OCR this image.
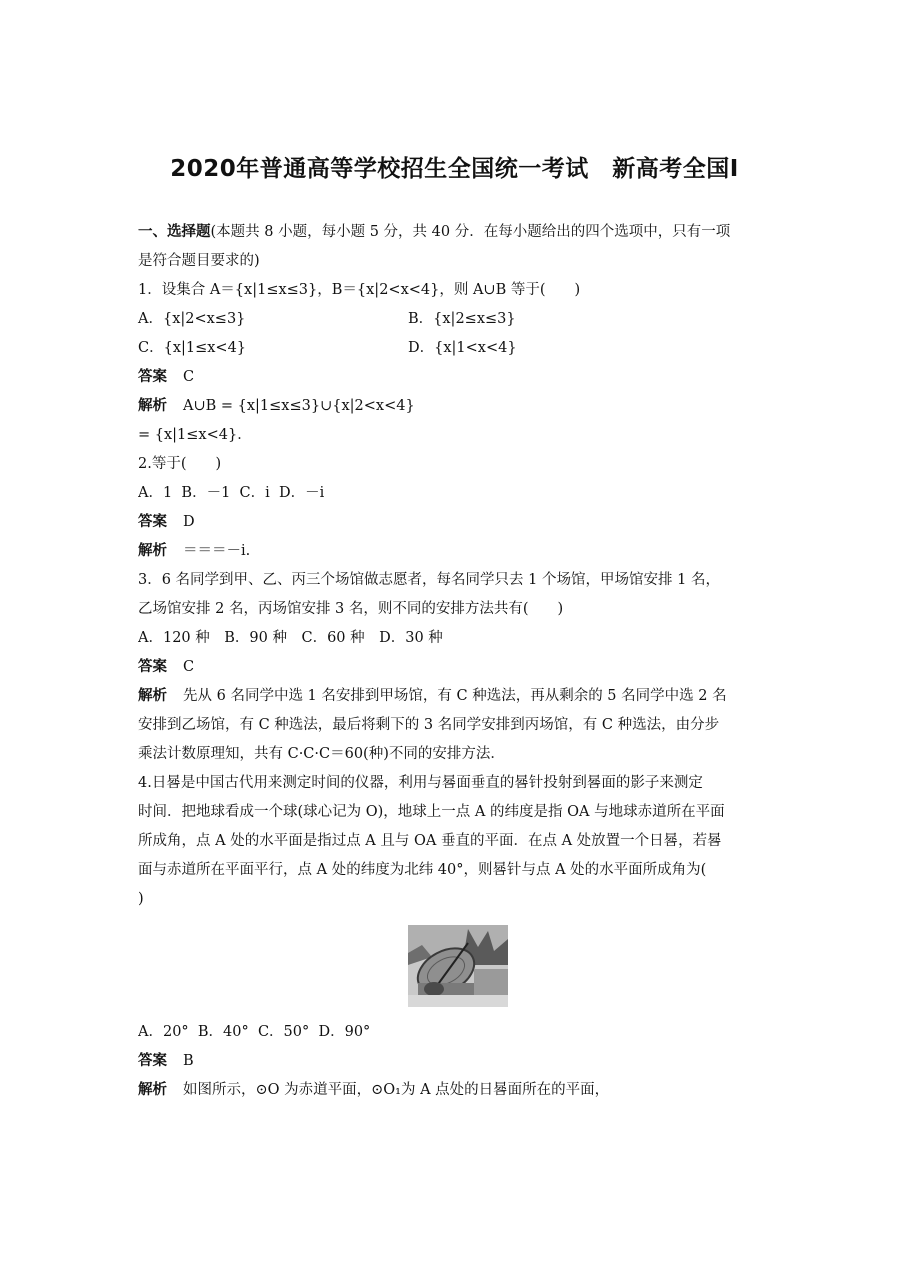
2020年普通高等学校招生全国统一考试　新高考全国Ⅰ
一、选择题(本题共 8 小题，每小题 5 分，共 40 分．在每小题给出的四个选项中，只有一项
是符合题目要求的)
1．设集合 A＝{x|1≤x≤3}，B＝{x|2<x<4}，则 A∪B 等于(　　)
A．{x|2<x≤3}	B．{x|2≤x≤3}
C．{x|1≤x<4}	D．{x|1<x<4}
答案 C
解析 A∪B = {x|1≤x≤3}∪{x|2<x<4}
= {x|1≤x<4}．
2.等于(　　)
A．1  B．－1  C．i  D．－i
答案 D
解析 ＝＝＝－i.
3．6 名同学到甲、乙、丙三个场馆做志愿者，每名同学只去 1 个场馆，甲场馆安排 1 名，
乙场馆安排 2 名，丙场馆安排 3 名，则不同的安排方法共有(　　)
A．120 种　B．90 种　C．60 种　D．30 种
答案 C
解析 先从 6 名同学中选 1 名安排到甲场馆，有 C 种选法，再从剩余的 5 名同学中选 2 名
安排到乙场馆，有 C 种选法，最后将剩下的 3 名同学安排到丙场馆，有 C 种选法，由分步
乘法计数原理知，共有 C·C·C＝60(种)不同的安排方法．
4.日晷是中国古代用来测定时间的仪器，利用与晷面垂直的晷针投射到晷面的影子来测定
时间．把地球看成一个球(球心记为 O)，地球上一点 A 的纬度是指 OA 与地球赤道所在平面
所成角，点 A 处的水平面是指过点 A 且与 OA 垂直的平面．在点 A 处放置一个日晷，若晷
面与赤道所在平面平行，点 A 处的纬度为北纬 40°，则晷针与点 A 处的水平面所成角为(
)
A．20°  B．40°  C．50°  D．90°
答案 B
解析 如图所示，⊙O 为赤道平面，⊙O₁为 A 点处的日晷面所在的平面，
